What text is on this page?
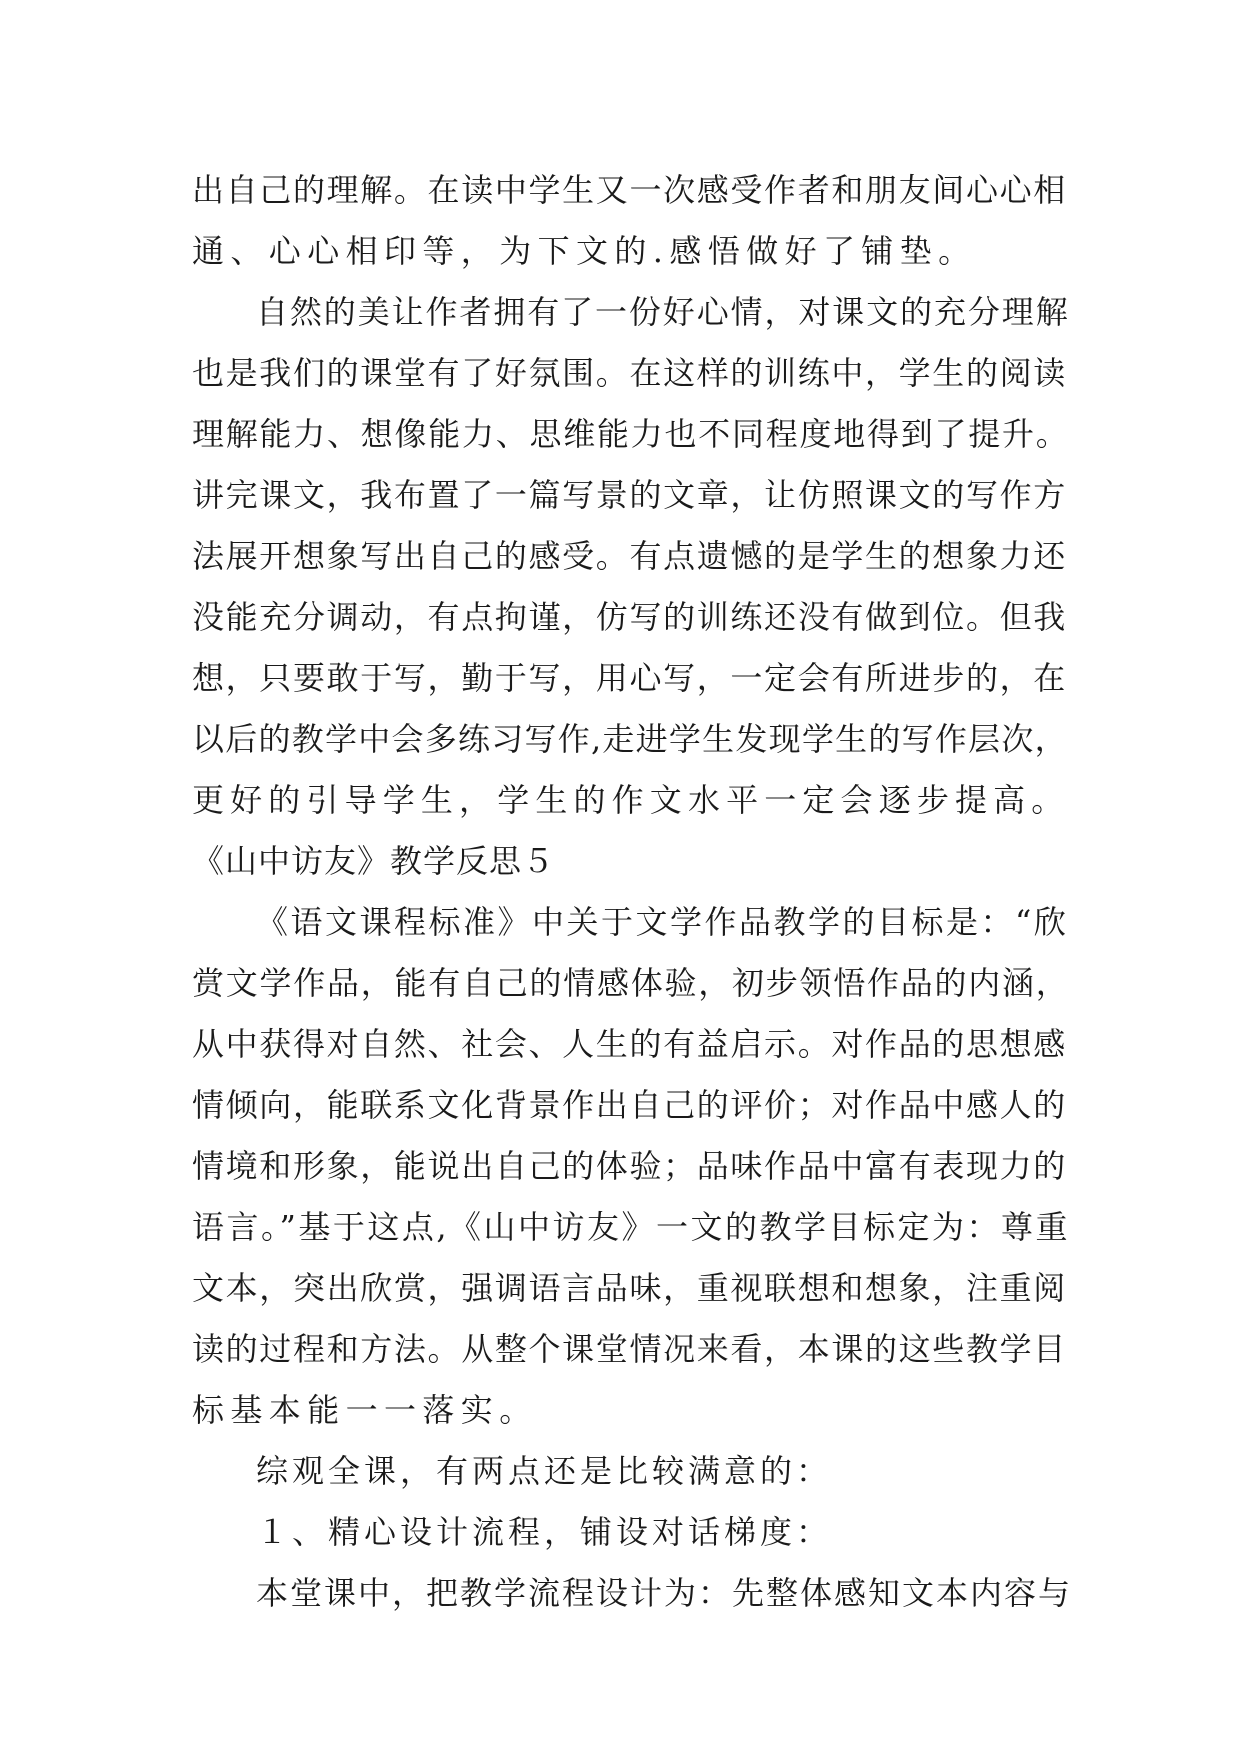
出自己的理解。在读中学生又一次感受作者和朋友间心心相
通、心心相印等，为下文的.感悟做好了铺垫。
自然的美让作者拥有了一份好心情，对课文的充分理解
也是我们的课堂有了好氛围。在这样的训练中，学生的阅读
理解能力、想像能力、思维能力也不同程度地得到了提升。
讲完课文，我布置了一篇写景的文章，让仿照课文的写作方
法展开想象写出自己的感受。有点遗憾的是学生的想象力还
没能充分调动，有点拘谨，仿写的训练还没有做到位。但我
想，只要敢于写，勤于写，用心写，一定会有所进步的，在
以后的教学中会多练习写作,走进学生发现学生的写作层次，
更好的引导学生，学生的作文水平一定会逐步提高。
《山中访友》教学反思５
《语文课程标准》中关于文学作品教学的目标是：“欣
赏文学作品，能有自己的情感体验，初步领悟作品的内涵，
从中获得对自然、社会、人生的有益启示。对作品的思想感
情倾向，能联系文化背景作出自己的评价；对作品中感人的
情境和形象，能说出自己的体验；品味作品中富有表现力的
语言。”基于这点,《山中访友》一文的教学目标定为：尊重
文本，突出欣赏，强调语言品味，重视联想和想象，注重阅
读的过程和方法。从整个课堂情况来看，本课的这些教学目
标基本能一一落实。
综观全课，有两点还是比较满意的：
１、精心设计流程，铺设对话梯度：
本堂课中，把教学流程设计为：先整体感知文本内容与
